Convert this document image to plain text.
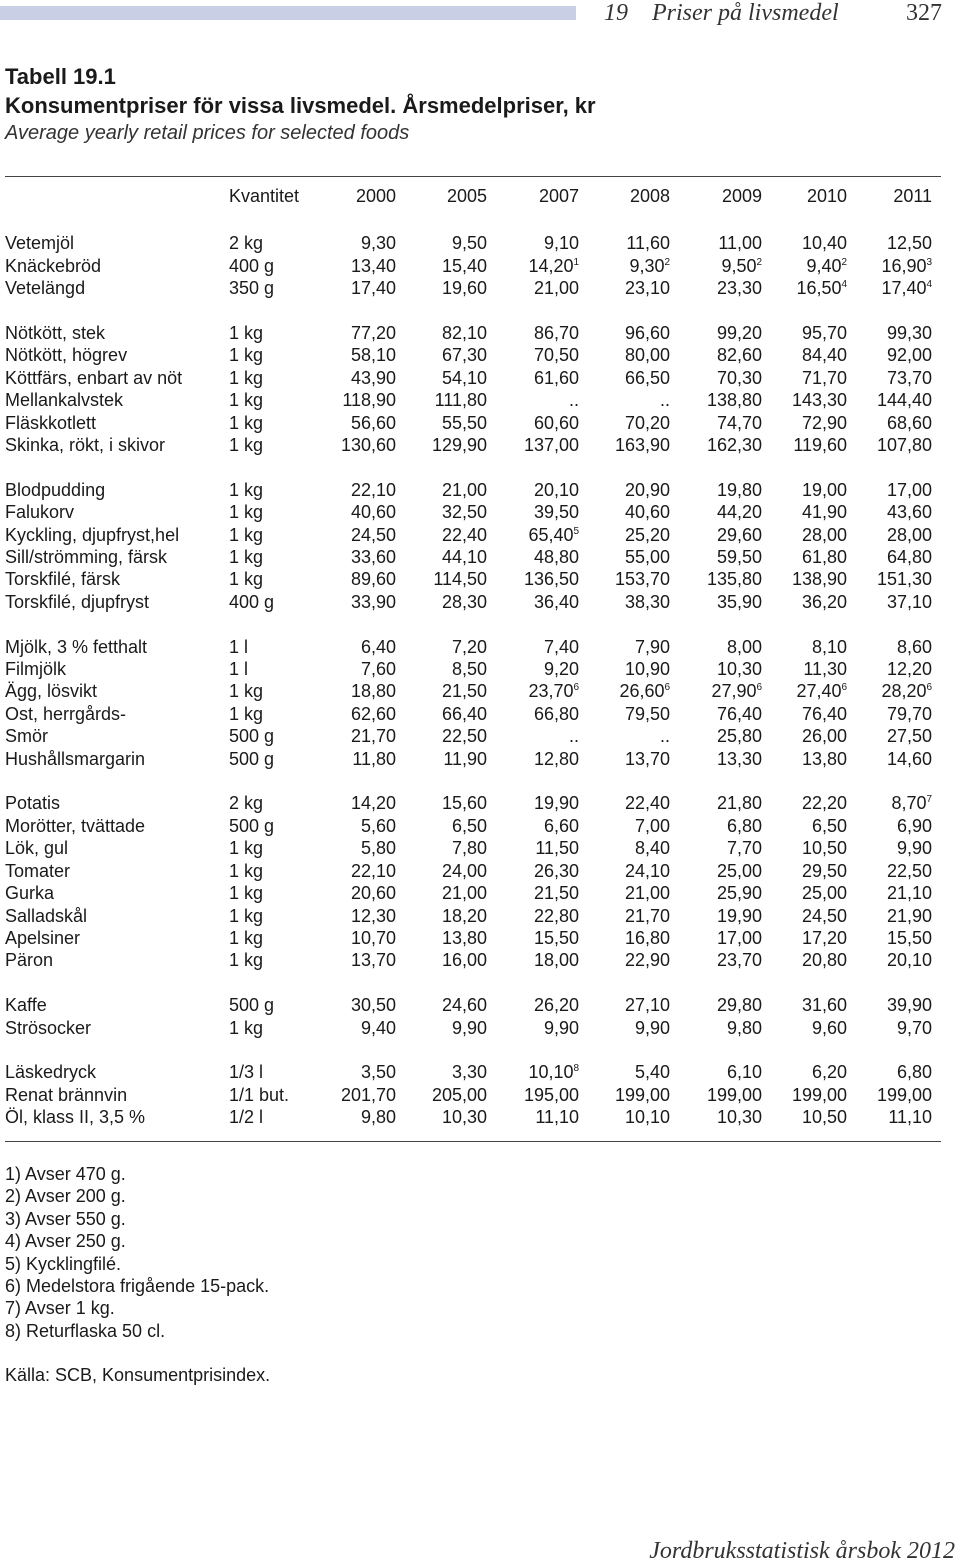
19 Priser på livsmedel	327
Tabell 19.1
Konsumentpriser för vissa livsmedel. Årsmedelpriser, kr
Average yearly retail prices for selected foods
	Kvantitet	2000	2005	2007	2008	2009	2010	2011

Vetemjöl	2 kg	9,30	9,50	9,10	11,60	11,00	10,40	12,50
Knäckebröd	400 g	13,40	15,40	14,20$^1$	9,30$^2$	9,50$^2$	9,40$^2$	16,90$^3$
Vetelängd	350 g	17,40	19,60	21,00	23,10	23,30	16,50$^4$	17,40$^4$

Nötkött, stek	1 kg	77,20	82,10	86,70	96,60	99,20	95,70	99,30
Nötkött, högrev	1 kg	58,10	67,30	70,50	80,00	82,60	84,40	92,00
Köttfärs, enbart av nöt	1 kg	43,90	54,10	61,60	66,50	70,30	71,70	73,70
Mellankalvstek	1 kg	118,90	111,80	..	..	138,80	143,30	144,40
Fläskkotlett	1 kg	56,60	55,50	60,60	70,20	74,70	72,90	68,60
Skinka, rökt, i skivor	1 kg	130,60	129,90	137,00	163,90	162,30	119,60	107,80

Blodpudding	1 kg	22,10	21,00	20,10	20,90	19,80	19,00	17,00
Falukorv	1 kg	40,60	32,50	39,50	40,60	44,20	41,90	43,60
Kyckling, djupfryst,hel	1 kg	24,50	22,40	65,40$^5$	25,20	29,60	28,00	28,00
Sill/strömming, färsk	1 kg	33,60	44,10	48,80	55,00	59,50	61,80	64,80
Torskfilé, färsk	1 kg	89,60	114,50	136,50	153,70	135,80	138,90	151,30
Torskfilé, djupfryst	400 g	33,90	28,30	36,40	38,30	35,90	36,20	37,10

Mjölk, 3 % fetthalt	1 l	6,40	7,20	7,40	7,90	8,00	8,10	8,60
Filmjölk	1 l	7,60	8,50	9,20	10,90	10,30	11,30	12,20
Ägg, lösvikt	1 kg	18,80	21,50	23,70$^6$	26,60$^6$	27,90$^6$	27,40$^6$	28,20$^6$
Ost, herrgårds-	1 kg	62,60	66,40	66,80	79,50	76,40	76,40	79,70
Smör	500 g	21,70	22,50	..	..	25,80	26,00	27,50
Hushållsmargarin	500 g	11,80	11,90	12,80	13,70	13,30	13,80	14,60

Potatis	2 kg	14,20	15,60	19,90	22,40	21,80	22,20	8,70$^7$
Morötter, tvättade	500 g	5,60	6,50	6,60	7,00	6,80	6,50	6,90
Lök, gul	1 kg	5,80	7,80	11,50	8,40	7,70	10,50	9,90
Tomater	1 kg	22,10	24,00	26,30	24,10	25,00	29,50	22,50
Gurka	1 kg	20,60	21,00	21,50	21,00	25,90	25,00	21,10
Salladskål	1 kg	12,30	18,20	22,80	21,70	19,90	24,50	21,90
Apelsiner	1 kg	10,70	13,80	15,50	16,80	17,00	17,20	15,50
Päron	1 kg	13,70	16,00	18,00	22,90	23,70	20,80	20,10

Kaffe	500 g	30,50	24,60	26,20	27,10	29,80	31,60	39,90
Strösocker	1 kg	9,40	9,90	9,90	9,90	9,80	9,60	9,70

Läskedryck	1/3 l	3,50	3,30	10,10$^8$	5,40	6,10	6,20	6,80
Renat brännvin	1/1 but.	201,70	205,00	195,00	199,00	199,00	199,00	199,00
Öl, klass II, 3,5 %	1/2 l	9,80	10,30	11,10	10,10	10,30	10,50	11,10
1) Avser 470 g.
2) Avser 200 g.
3) Avser 550 g.
4) Avser 250 g.
5) Kycklingfilé.
6) Medelstora frigående 15-pack.
7) Avser 1 kg.
8) Returflaska 50 cl.
Källa: SCB, Konsumentprisindex.
Jordbruksstatistisk årsbok 2012
